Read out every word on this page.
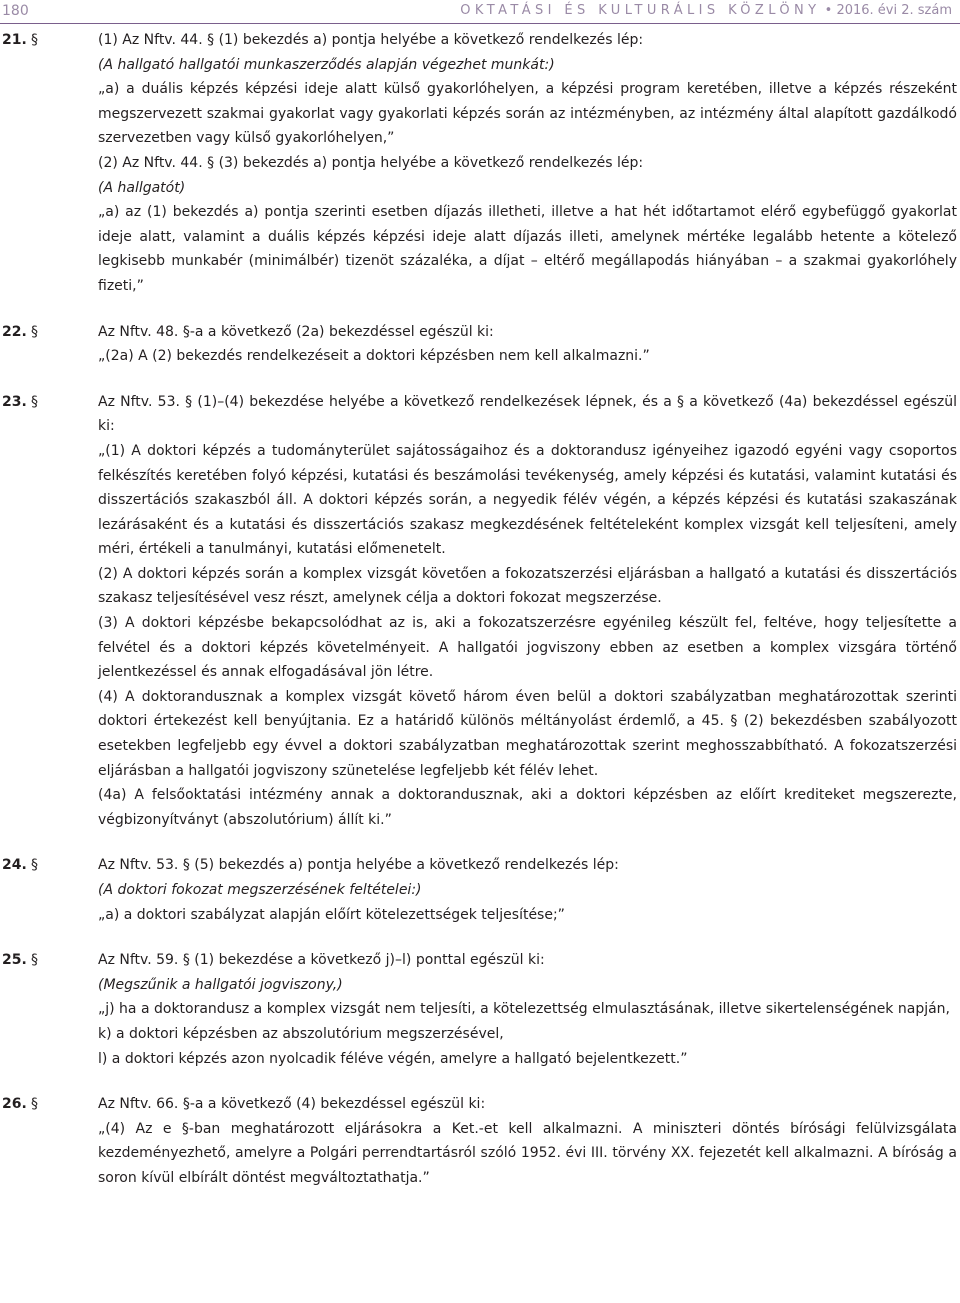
180	OKTATÁSI ÉS KULTURÁLIS KÖZLÖNY • 2016. évi 2. szám
21. §	(1) Az Nftv. 44. § (1) bekezdés a) pontja helyébe a következő rendelkezés lép:

(A hallgató hallgatói munkaszerződés alapján végezhet munkát:)

„a) a duális képzés képzési ideje alatt külső gyakorlóhelyen, a képzési program keretében, illetve a képzés részeként megszervezett szakmai gyakorlat vagy gyakorlati képzés során az intézményben, az intézmény által alapított gazdálkodó szervezetben vagy külső gyakorlóhelyen,”

(2) Az Nftv. 44. § (3) bekezdés a) pontja helyébe a következő rendelkezés lép:

(A hallgatót)

„a) az (1) bekezdés a) pontja szerinti esetben díjazás illetheti, illetve a hat hét időtartamot elérő egybefüggő gyakorlat ideje alatt, valamint a duális képzés képzési ideje alatt díjazás illeti, amelynek mértéke legalább hetente a kötelező legkisebb munkabér (minimálbér) tizenöt százaléka, a díjat – eltérő megállapodás hiányában – a szakmai gyakorlóhely fizeti,”

22. §	Az Nftv. 48. §-a a következő (2a) bekezdéssel egészül ki:

„(2a) A (2) bekezdés rendelkezéseit a doktori képzésben nem kell alkalmazni.”

23. §	Az Nftv. 53. § (1)–(4) bekezdése helyébe a következő rendelkezések lépnek, és a § a következő (4a) bekezdéssel egészül ki:

„(1) A doktori képzés a tudományterület sajátosságaihoz és a doktorandusz igényeihez igazodó egyéni vagy csoportos felkészítés keretében folyó képzési, kutatási és beszámolási tevékenység, amely képzési és kutatási, valamint kutatási és disszertációs szakaszból áll. A doktori képzés során, a negyedik félév végén, a képzés képzési és kutatási szakaszának lezárásaként és a kutatási és disszertációs szakasz megkezdésének feltételeként komplex vizsgát kell teljesíteni, amely méri, értékeli a tanulmányi, kutatási előmenetelt.

(2) A doktori képzés során a komplex vizsgát követően a fokozatszerzési eljárásban a hallgató a kutatási és disszertációs szakasz teljesítésével vesz részt, amelynek célja a doktori fokozat megszerzése.

(3) A doktori képzésbe bekapcsolódhat az is, aki a fokozatszerzésre egyénileg készült fel, feltéve, hogy teljesítette a felvétel és a doktori képzés követelményeit. A hallgatói jogviszony ebben az esetben a komplex vizsgára történő jelentkezéssel és annak elfogadásával jön létre.

(4) A doktorandusznak a komplex vizsgát követő három éven belül a doktori szabályzatban meghatározottak szerinti doktori értekezést kell benyújtania. Ez a határidő különös méltányolást érdemlő, a 45. § (2) bekezdésben szabályozott esetekben legfeljebb egy évvel a doktori szabályzatban meghatározottak szerint meghosszabbítható. A fokozatszerzési eljárásban a hallgatói jogviszony szünetelése legfeljebb két félév lehet.

(4a) A felsőoktatási intézmény annak a doktorandusznak, aki a doktori képzésben az előírt krediteket megszerezte, végbizonyítványt (abszolutórium) állít ki.”

24. §	Az Nftv. 53. § (5) bekezdés a) pontja helyébe a következő rendelkezés lép:

(A doktori fokozat megszerzésének feltételei:)

„a) a doktori szabályzat alapján előírt kötelezettségek teljesítése;”

25. §	Az Nftv. 59. § (1) bekezdése a következő j)–l) ponttal egészül ki:

(Megszűnik a hallgatói jogviszony,)

„j) ha a doktorandusz a komplex vizsgát nem teljesíti, a kötelezettség elmulasztásának, illetve sikertelenségének napján,

k) a doktori képzésben az abszolutórium megszerzésével,

l) a doktori képzés azon nyolcadik féléve végén, amelyre a hallgató bejelentkezett.”

26. §	Az Nftv. 66. §-a a következő (4) bekezdéssel egészül ki:

„(4) Az e §-ban meghatározott eljárásokra a Ket.-et kell alkalmazni. A miniszteri döntés bírósági felülvizsgálata kezdeményezhető, amelyre a Polgári perrendtartásról szóló 1952. évi III. törvény XX. fejezetét kell alkalmazni. A bíróság a soron kívül elbírált döntést megváltoztathatja.”
